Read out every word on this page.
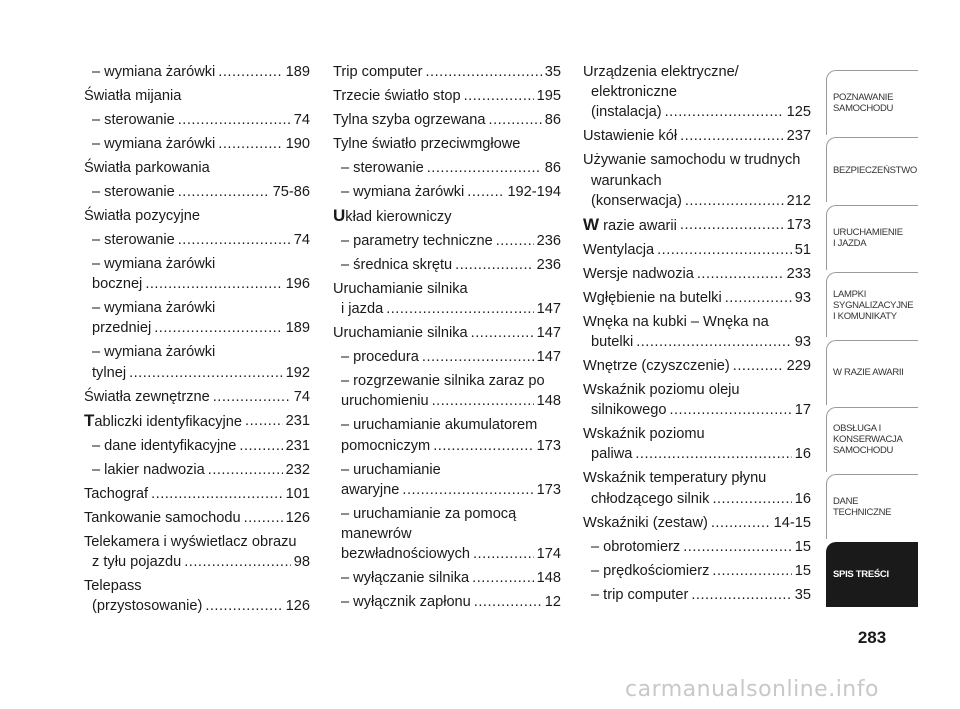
– wymiana żarówki .....	189
Światła mijania
– sterowanie .....	74
– wymiana żarówki .....	190
Światła parkowania
– sterowanie .....	75-86
Światła pozycyjne
– sterowanie .....	74
– wymiana żarówki
bocznej .....	196
– wymiana żarówki
przedniej .....	189
– wymiana żarówki
tylnej .....	192
Światła zewnętrzne .....	74
Tabliczki identyfikacyjne .....	231
– dane identyfikacyjne .....	231
– lakier nadwozia .....	232
Tachograf .....	101
Tankowanie samochodu .....	126
Telekamera i wyświetlacz obrazu
z tyłu pojazdu .....	98
Telepass
(przystosowanie) .....	126
Trip computer .....	35
Trzecie światło stop .....	195
Tylna szyba ogrzewana .....	86
Tylne światło przeciwmgłowe
– sterowanie .....	86
– wymiana żarówki .....	192-194
Układ kierowniczy
– parametry techniczne .....	236
– średnica skrętu .....	236
Uruchamianie silnika
i jazda .....	147
Uruchamianie silnika .....	147
– procedura .....	147
– rozgrzewanie silnika zaraz po
uruchomieniu .....	148
– uruchamianie akumulatorem
pomocniczym .....	173
– uruchamianie
awaryjne .....	173
– uruchamianie za pomocą
manewrów
bezwładnościowych .....	174
– wyłączanie silnika .....	148
– wyłącznik zapłonu .....	12
Urządzenia elektryczne/
elektroniczne
(instalacja) .....	125
Ustawienie kół .....	237
Używanie samochodu w trudnych
warunkach
(konserwacja) .....	212
W razie awarii .....	173
Wentylacja .....	51
Wersje nadwozia .....	233
Wgłębienie na butelki .....	93
Wnęka na kubki – Wnęka na
butelki .....	93
Wnętrze (czyszczenie) .....	229
Wskaźnik poziomu oleju
silnikowego .....	17
Wskaźnik poziomu
paliwa .....	16
Wskaźnik temperatury płynu
chłodzącego silnik .....	16
Wskaźniki (zestaw) .....	14-15
– obrotomierz .....	15
– prędkościomierz .....	15
– trip computer .....	35
POZNAWANIE
SAMOCHODU
BEZPIECZEŃSTWO
URUCHAMIENIE
I JAZDA
LAMPKI
SYGNALIZACYJNE
I KOMUNIKATY
W RAZIE AWARII
OBSŁUGA I
KONSERWACJA
SAMOCHODU
DANE TECHNICZNE
SPIS TREŚCI
283
carmanualsonline.info
